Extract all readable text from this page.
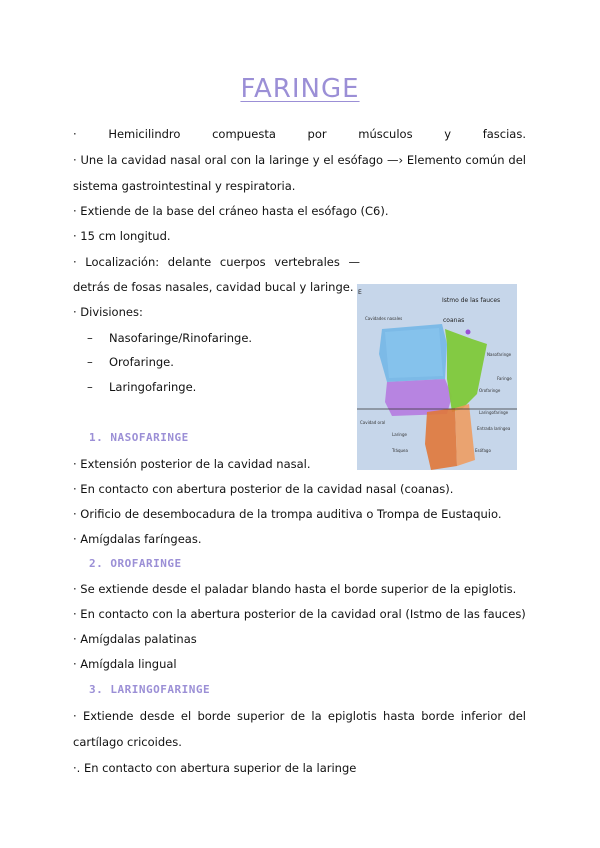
FARINGE
· Hemicilindro compuesta por músculos y fascias.
· Une la cavidad nasal oral con la laringe y el esófago —› Elemento común del
sistema gastrointestinal y respiratoria.
· Extiende de la base del cráneo hasta el esófago (C6).
· 15 cm longitud.
· Localización: delante cuerpos vertebrales —
detrás de fosas nasales, cavidad bucal y laringe.
· Divisiones:
– Nasofaringe/Rinofaringe.
– Orofaringe.
– Laringofaringe.
E
Istmo de las fauces
coanas
Cavidades nasales
Nasofaringe
Faringe
Orofaringe
Cavidad oral
Laringofaringe
Entrada laríngea
Laringe
Tráquea	Esófago
1. NASOFARINGE
· Extensión posterior de la cavidad nasal.
· En contacto con abertura posterior de la cavidad nasal (coanas).
· Orificio de desembocadura de la trompa auditiva o Trompa de Eustaquio.
· Amígdalas faríngeas.
2. OROFARINGE
· Se extiende desde el paladar blando hasta el borde superior de la epiglotis.
· En contacto con la abertura posterior de la cavidad oral (Istmo de las fauces)
· Amígdalas palatinas
· Amígdala lingual
3. LARINGOFARINGE
· Extiende desde el borde superior de la epiglotis hasta borde inferior del
cartílago cricoides.
·. En contacto con abertura superior de la laringe
